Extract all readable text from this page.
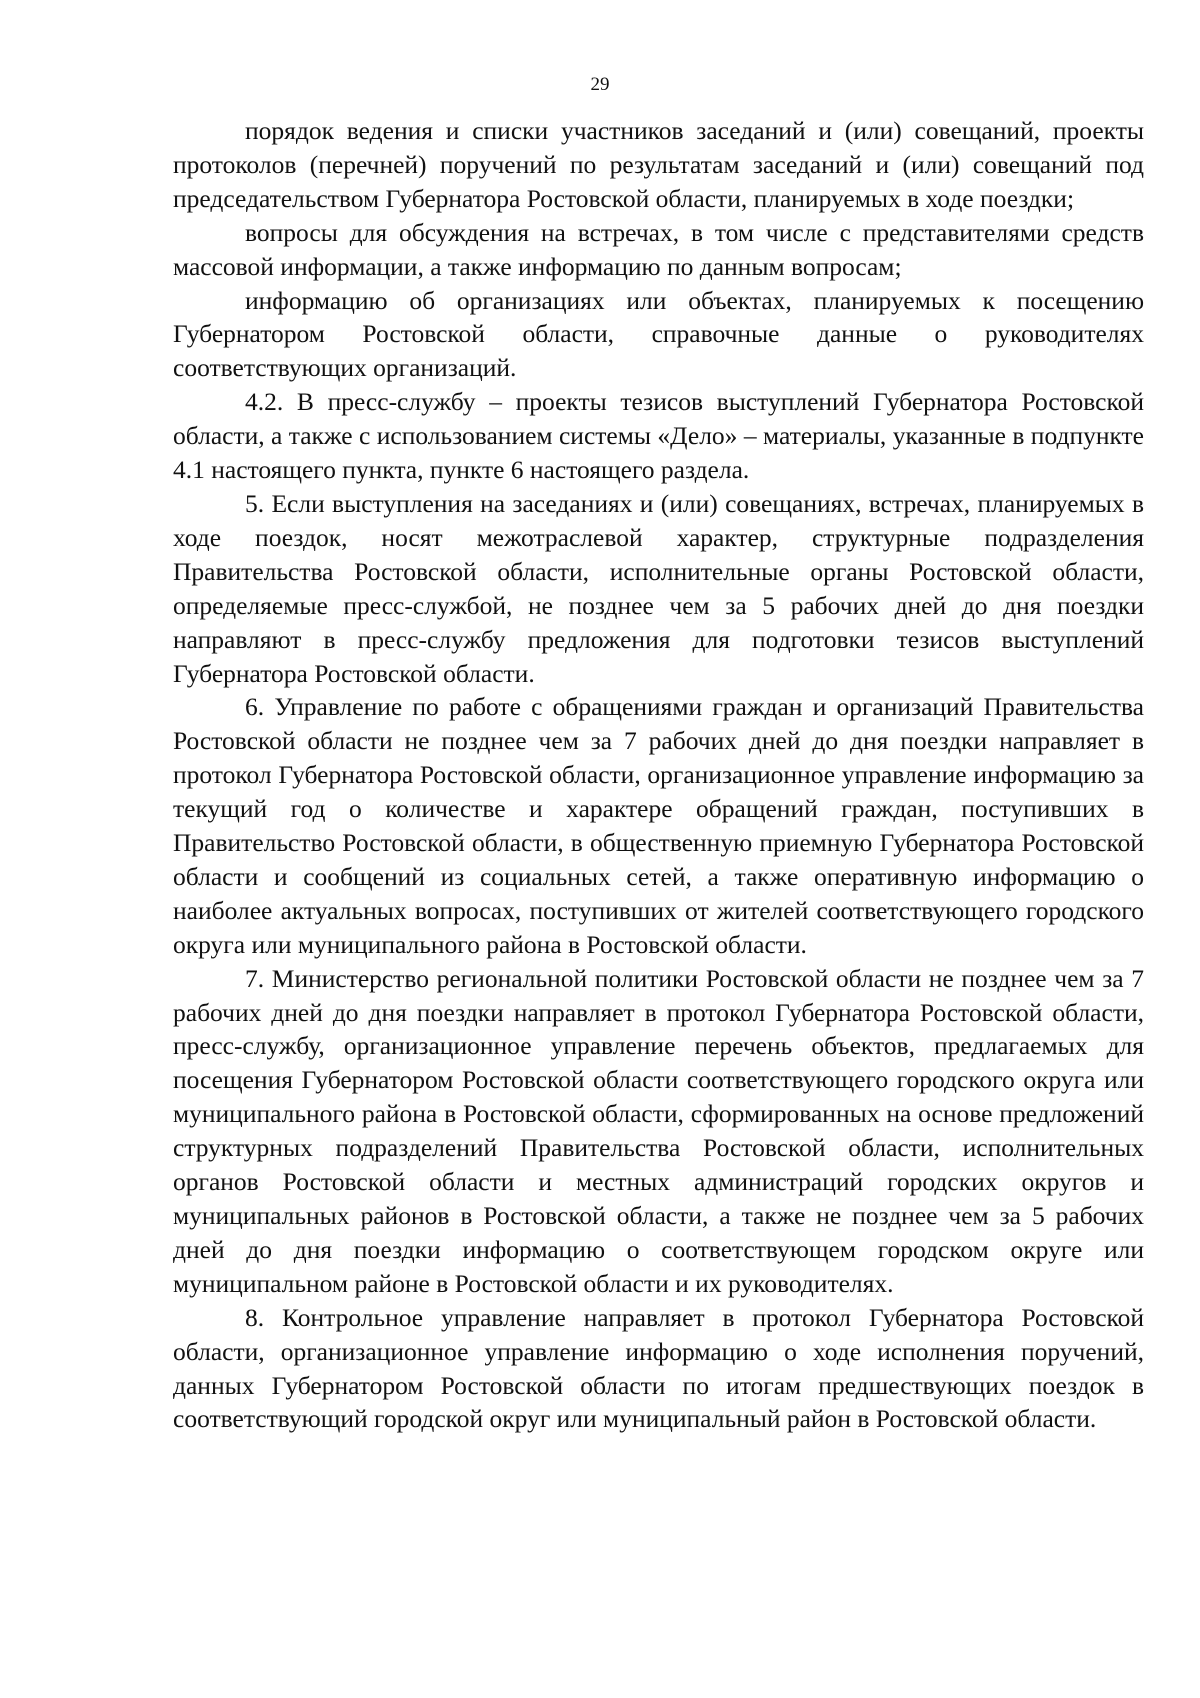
29

порядок ведения и списки участников заседаний и (или) совещаний, проекты протоколов (перечней) поручений по результатам заседаний и (или) совещаний под председательством Губернатора Ростовской области, планируемых в ходе поездки;

вопросы для обсуждения на встречах, в том числе с представителями средств массовой информации, а также информацию по данным вопросам;

информацию об организациях или объектах, планируемых к посещению Губернатором Ростовской области, справочные данные о руководителях соответствующих организаций.

4.2. В пресс-службу – проекты тезисов выступлений Губернатора Ростовской области, а также с использованием системы «Дело» – материалы, указанные в подпункте 4.1 настоящего пункта, пункте 6 настоящего раздела.

5. Если выступления на заседаниях и (или) совещаниях, встречах, планируемых в ходе поездок, носят межотраслевой характер, структурные подразделения Правительства Ростовской области, исполнительные органы Ростовской области, определяемые пресс-службой, не позднее чем за 5 рабочих дней до дня поездки направляют в пресс-службу предложения для подготовки тезисов выступлений Губернатора Ростовской области.

6. Управление по работе с обращениями граждан и организаций Правительства Ростовской области не позднее чем за 7 рабочих дней до дня поездки направляет в протокол Губернатора Ростовской области, организационное управление информацию за текущий год о количестве и характере обращений граждан, поступивших в Правительство Ростовской области, в общественную приемную Губернатора Ростовской области и сообщений из социальных сетей, а также оперативную информацию о наиболее актуальных вопросах, поступивших от жителей соответствующего городского округа или муниципального района в Ростовской области.

7. Министерство региональной политики Ростовской области не позднее чем за 7 рабочих дней до дня поездки направляет в протокол Губернатора Ростовской области, пресс-службу, организационное управление перечень объектов, предлагаемых для посещения Губернатором Ростовской области соответствующего городского округа или муниципального района в Ростовской области, сформированных на основе предложений структурных подразделений Правительства Ростовской области, исполнительных органов Ростовской области и местных администраций городских округов и муниципальных районов в Ростовской области, а также не позднее чем за 5 рабочих дней до дня поездки информацию о соответствующем городском округе или муниципальном районе в Ростовской области и их руководителях.

8. Контрольное управление направляет в протокол Губернатора Ростовской области, организационное управление информацию о ходе исполнения поручений, данных Губернатором Ростовской области по итогам предшествующих поездок в соответствующий городской округ или муниципальный район в Ростовской области.
